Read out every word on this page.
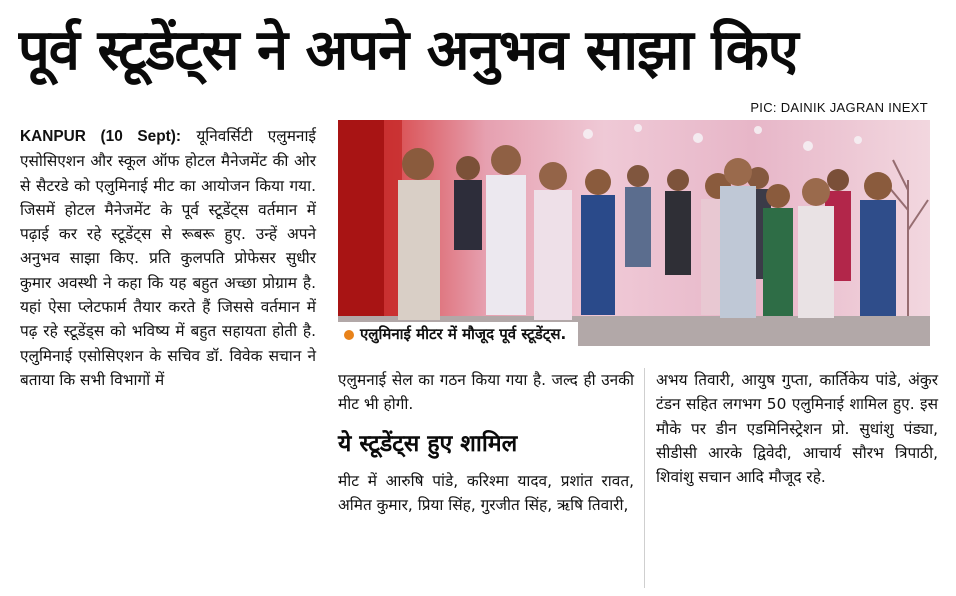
पूर्व स्टूडेंट्स ने अपने अनुभव साझा किए
PIC: DAINIK JAGRAN INEXT

KANPUR (10 Sept): यूनिवर्सिटी एलुमनाई एसोसिएशन और स्कूल ऑफ होटल मैनेजमेंट की ओर से सैटरडे को एलुमिनाई मीट का आयोजन किया गया. जिसमें होटल मैनेजमेंट के पूर्व स्टूडेंट्स वर्तमान में पढ़ाई कर रहे स्टूडेंट्स से रूबरू हुए. उन्हें अपने अनुभव साझा किए. प्रति कुलपति प्रोफेसर सुधीर कुमार अवस्थी ने कहा कि यह बहुत अच्छा प्रोग्राम है. यहां ऐसा प्लेटफार्म तैयार करते हैं जिससे वर्तमान में पढ़ रहे स्टूडेंड्स को भविष्य में बहुत सहायता होती है. एलुमिनाई एसोसिएशन के सचिव डॉ. विवेक सचान ने बताया कि सभी विभागों में

एलुमिनाई मीटर में मौजूद पूर्व स्टूडेंट्स.

एलुमनाई सेल का गठन किया गया है. जल्द ही उनकी मीट भी होगी.

ये स्टूडेंट्स हुए शामिल

मीट में आरुषि पांडे, करिश्मा यादव, प्रशांत रावत, अमित कुमार, प्रिया सिंह, गुरजीत सिंह, ऋषि तिवारी,

अभय तिवारी, आयुष गुप्ता, कार्तिकेय पांडे, अंकुर टंडन सहित लगभग 50 एलुमिनाई शामिल हुए. इस मौके पर डीन एडमिनिस्ट्रेशन प्रो. सुधांशु पंड्या, सीडीसी आरके द्विवेदी, आचार्य सौरभ त्रिपाठी, शिवांशु सचान आदि मौजूद रहे.
